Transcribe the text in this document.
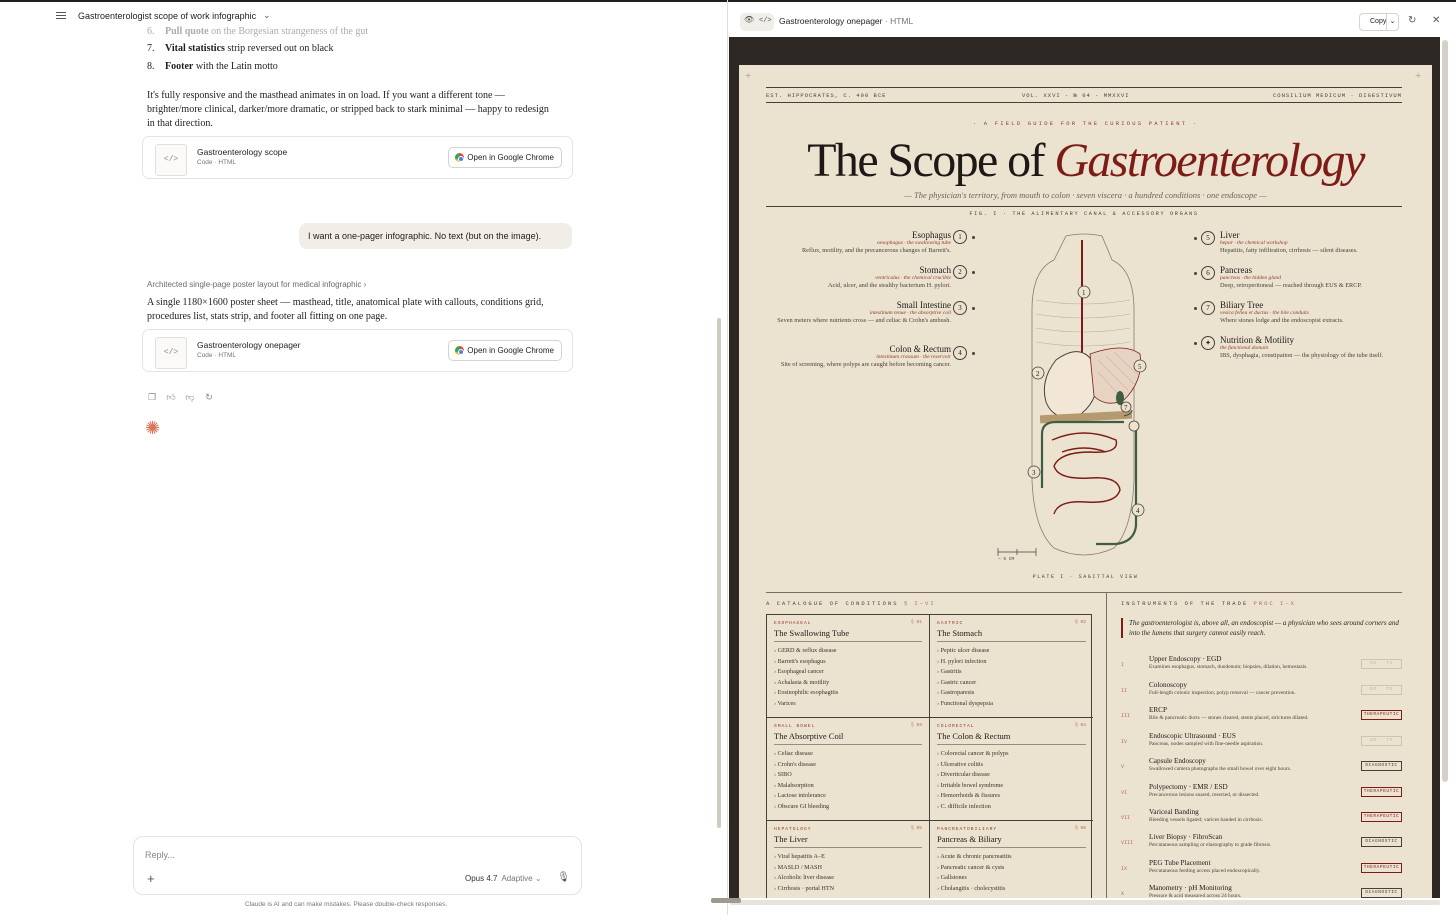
Gastroenterologist scope of work infographic ⌄
6. Pull quote on the Borgesian strangeness of the gut
7. Vital statistics strip reversed out on black
8. Footer with the Latin motto
It's fully responsive and the masthead animates in on load. If you want a different tone — brighter/more clinical, darker/more dramatic, or stripped back to stark minimal — happy to redesign in that direction.
</>
Gastroenterology scope
Code · HTML
Open in Google Chrome
I want a one-pager infographic. No text (but on the image).
Architected single-page poster layout for medical infographic ›
A single 1180×1600 poster sheet — masthead, title, anatomical plate with callouts, conditions grid, procedures list, stats strip, and footer all fitting on one page.
</>
Gastroenterology onepager
Code · HTML
Open in Google Chrome
❐ 👍︎ 👎︎ ↻
✺
Reply...
+	Opus 4.7 Adaptive ⌄ 🎙︎
Claude is AI and can make mistakes. Please double-check responses.
👁︎ </> Gastroenterology onepager · HTML	Copy ⌄ ↻ ✕
+	+
EST. HIPPOCRATES, C. 400 BCE	VOL. XXVI · № 04 · MMXXVI	CONSILIUM MEDICUM · DIGESTIVUM
· A FIELD GUIDE FOR THE CURIOUS PATIENT ·
The Scope of Gastroenterology
— The physician's territory, from mouth to colon · seven viscera · a hundred conditions · one endoscope —
$^{FIG. I \cdot THE ALIMENTARY CANAL \& ACCESSORY ORGANS}$
Esophagus
oesophagus · the swallowing tube
Reflux, motility, and the precancerous changes of Barrett's.
Stomach
ventriculus · the chemical crucible
Acid, ulcer, and the stealthy bacterium H. pylori.
Small Intestine
intestinum tenue · the absorptive coil
Seven meters where nutrients cross — and celiac & Crohn's ambush.
Colon & Rectum
intestinum crassum · the reservoir
Site of screening, where polyps are caught before becoming cancer.
1
2
3
4
Liver
hepar · the chemical workshop
Hepatitis, fatty infiltration, cirrhosis — silent diseases.
Pancreas
pancreas · the hidden gland
Deep, retroperitoneal — reached through EUS & ERCP.
Biliary Tree
vesica fellea et ductus · the bile conduits
Where stones lodge and the endoscopist extracts.
Nutrition & Motility
the functional domain
IBS, dysphagia, constipation — the physiology of the tube itself.
5
6
7
✦
1
2
3
4
5
7
— 5 CM
PLATE I · SAGITTAL VIEW
A CATALOGUE OF CONDITIONS § I–VI	INSTRUMENTS OF THE TRADE PROC I–X
ESOPHAGEAL	§ 01
The Swallowing Tube
› GERD & reflux disease
› Barrett's esophagus
› Esophageal cancer
› Achalasia & motility
› Eosinophilic esophagitis
› Varices
GASTRIC	§ 02
The Stomach
› Peptic ulcer disease
› H. pylori infection
› Gastritis
› Gastric cancer
› Gastroparesis
› Functional dyspepsia
SMALL BOWEL	§ 03
The Absorptive Coil
› Celiac disease
› Crohn's disease
› SIBO
› Malabsorption
› Lactose intolerance
› Obscure GI bleeding
COLORECTAL	§ 04
The Colon & Rectum
› Colorectal cancer & polyps
› Ulcerative colitis
› Diverticular disease
› Irritable bowel syndrome
› Hemorrhoids & fissures
› C. difficile infection
HEPATOLOGY	§ 05
The Liver
› Viral hepatitis A–E
› MASLD / MASH
› Alcoholic liver disease
› Cirrhosis · portal HTN
PANCREATOBILIARY	§ 06
Pancreas & Biliary
› Acute & chronic pancreatitis
› Pancreatic cancer & cysts
› Gallstones
› Cholangitis · cholecystitis
The gastroenterologist is, above all, an endoscopist — a physician who sees around corners and into the lumens that surgery cannot easily reach.
I
Upper Endoscopy · EGD
Examines esophagus, stomach, duodenum; biopsies, dilation, hemostasis.
DX · TX
II
Colonoscopy
Full-length colonic inspection; polyp removal — cancer prevention.
DX · TX
III
ERCP
Bile & pancreatic ducts — stones cleared, stents placed, strictures dilated.
THERAPEUTIC
IV
Endoscopic Ultrasound · EUS
Pancreas, nodes sampled with fine-needle aspiration.
DX · TX
V
Capsule Endoscopy
Swallowed camera photographs the small bowel over eight hours.
DIAGNOSTIC
VI
Polypectomy · EMR / ESD
Precancerous lesions snared, resected, or dissected.
THERAPEUTIC
VII
Variceal Banding
Bleeding vessels ligated; varices banded in cirrhosis.
THERAPEUTIC
VIII
Liver Biopsy · FibroScan
Percutaneous sampling or elastography to grade fibrosis.
DIAGNOSTIC
IX
PEG Tube Placement
Percutaneous feeding access placed endoscopically.
THERAPEUTIC
X
Manometry · pH Monitoring
Pressure & acid measured across 24 hours.
DIAGNOSTIC
